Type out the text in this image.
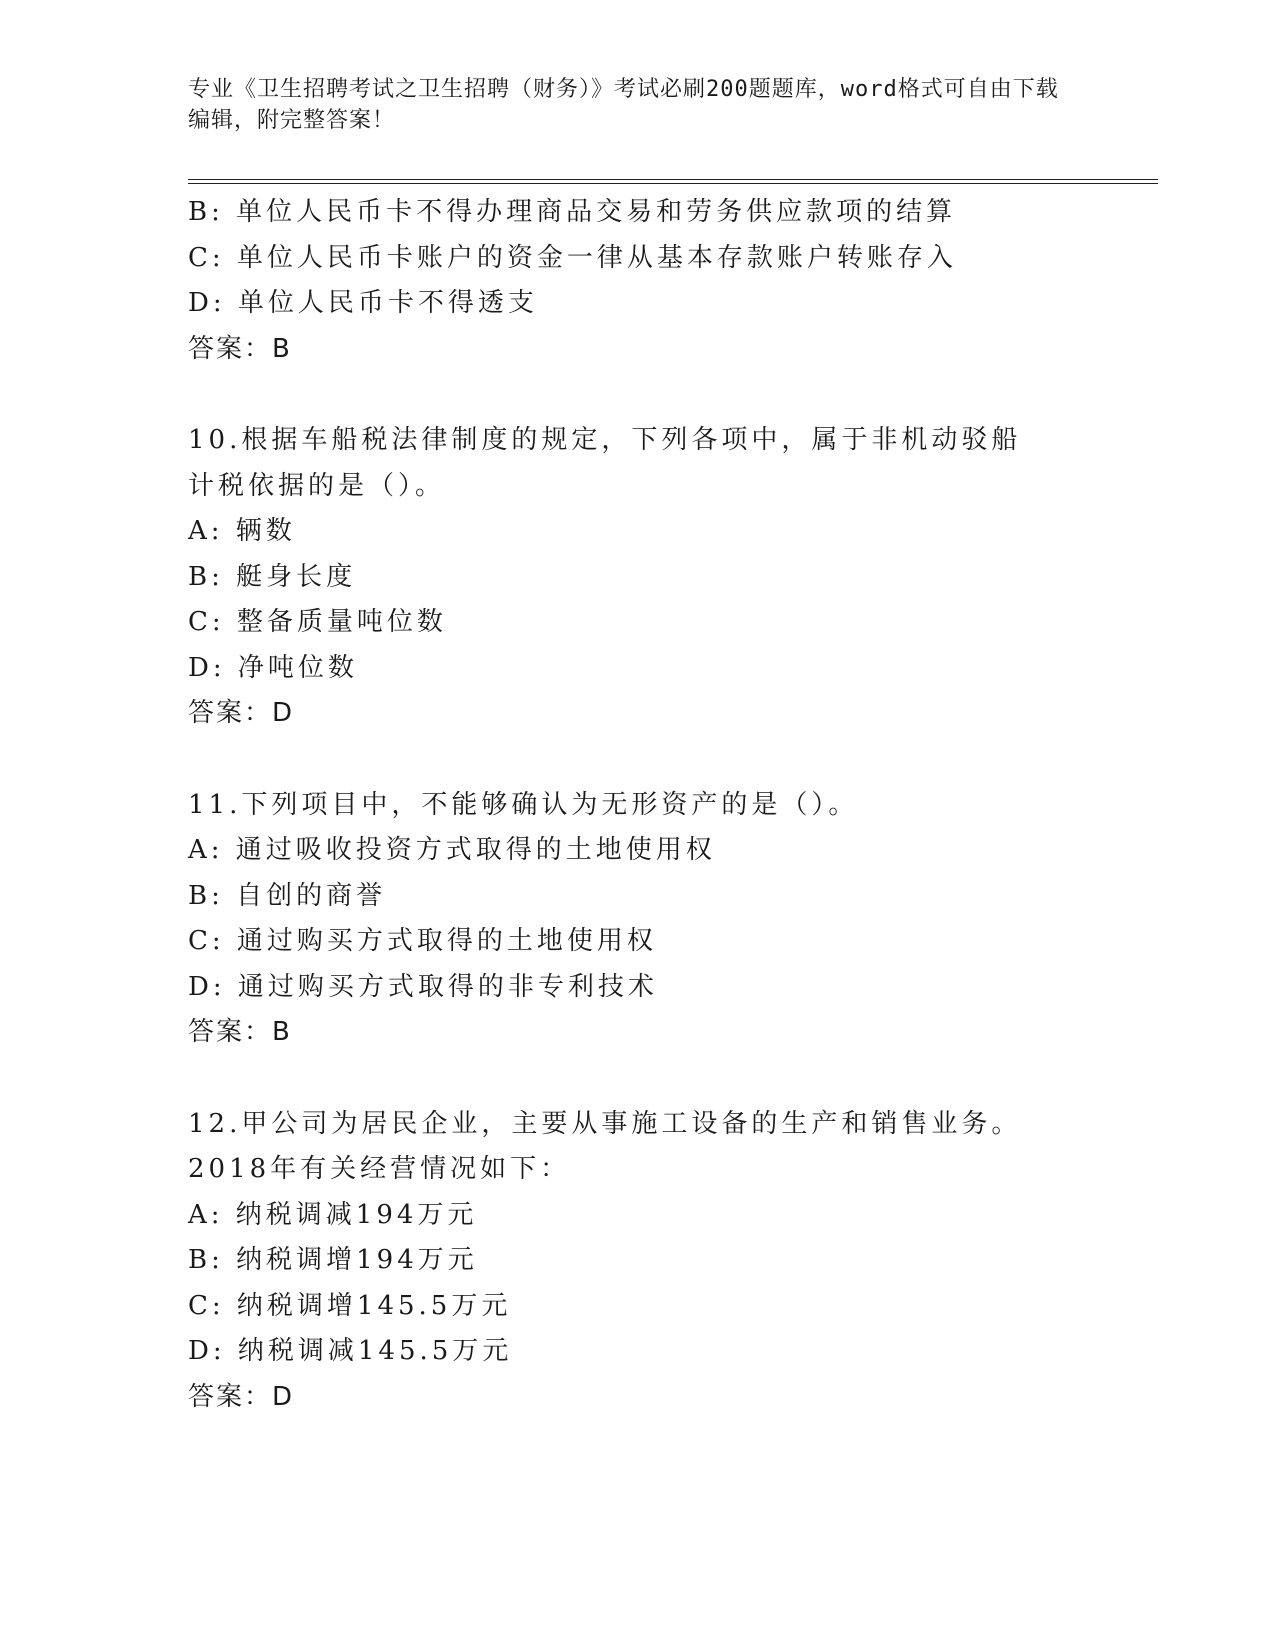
专业《卫生招聘考试之卫生招聘（财务）》考试必刷200题题库，word格式可自由下载编辑，附完整答案！
B: 单位人民币卡不得办理商品交易和劳务供应款项的结算
C: 单位人民币卡账户的资金一律从基本存款账户转账存入
D: 单位人民币卡不得透支
答案：B
10.根据车船税法律制度的规定，下列各项中，属于非机动驳船计税依据的是（）。
A: 辆数
B: 艇身长度
C: 整备质量吨位数
D: 净吨位数
答案：D
11.下列项目中，不能够确认为无形资产的是（）。
A: 通过吸收投资方式取得的土地使用权
B: 自创的商誉
C: 通过购买方式取得的土地使用权
D: 通过购买方式取得的非专利技术
答案：B
12.甲公司为居民企业，主要从事施工设备的生产和销售业务。2018年有关经营情况如下：
A: 纳税调减194万元
B: 纳税调增194万元
C: 纳税调增145.5万元
D: 纳税调减145.5万元
答案：D
